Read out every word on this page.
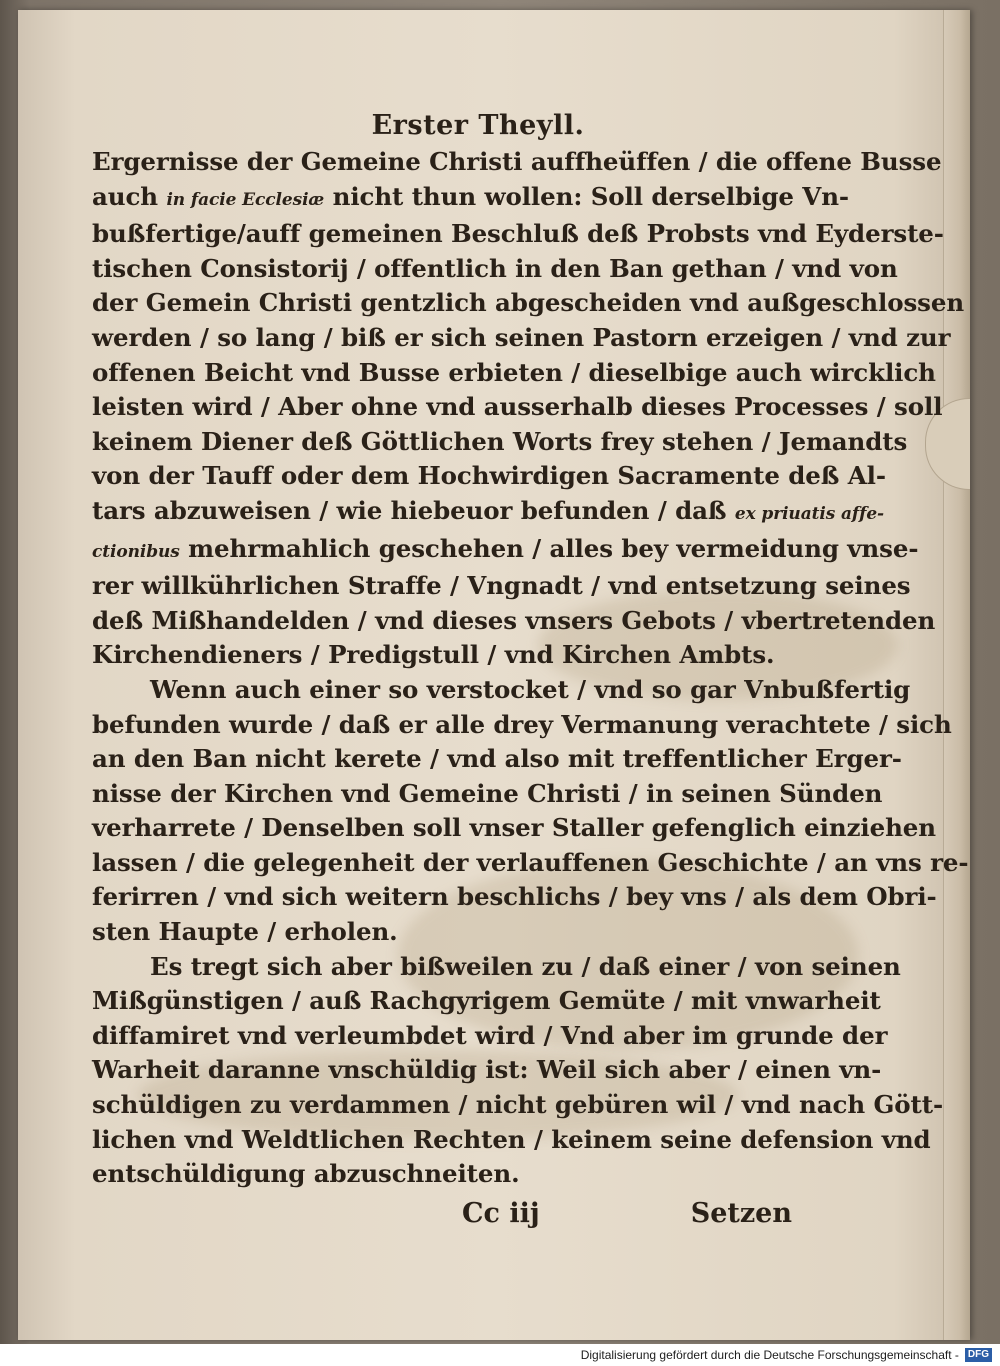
Erster Theyll.
Ergernisse der Gemeine Christi auffheüffen / die offene Busse
auch in facie Ecclesiæ nicht thun wollen: Soll derselbige Vn-
bußfertige/auff gemeinen Beschluß deß Probsts vnd Eyderste-
tischen Consistorij / offentlich in den Ban gethan / vnd von
der Gemein Christi gentzlich abgescheiden vnd außgeschlossen
werden / so lang / biß er sich seinen Pastorn erzeigen / vnd zur
offenen Beicht vnd Busse erbieten / dieselbige auch wircklich
leisten wird / Aber ohne vnd ausserhalb dieses Processes / soll
keinem Diener deß Göttlichen Worts frey stehen / Jemandts
von der Tauff oder dem Hochwirdigen Sacramente deß Al-
tars abzuweisen / wie hiebeuor befunden / daß ex priuatis affe-
ctionibus mehrmahlich geschehen / alles bey vermeidung vnse-
rer willkührlichen Straffe / Vngnadt / vnd entsetzung seines
deß Mißhandelden / vnd dieses vnsers Gebots / vbertretenden
Kirchendieners / Predigstull / vnd Kirchen Ambts.
Wenn auch einer so verstocket / vnd so gar Vnbußfertig
befunden wurde / daß er alle drey Vermanung verachtete / sich
an den Ban nicht kerete / vnd also mit treffentlicher Erger-
nisse der Kirchen vnd Gemeine Christi / in seinen Sünden
verharrete / Denselben soll vnser Staller gefenglich einziehen
lassen / die gelegenheit der verlauffenen Geschichte / an vns re-
ferirren / vnd sich weitern beschlichs / bey vns / als dem Obri-
sten Haupte / erholen.
Es tregt sich aber bißweilen zu / daß einer / von seinen
Mißgünstigen / auß Rachgyrigem Gemüte / mit vnwarheit
diffamiret vnd verleumbdet wird / Vnd aber im grunde der
Warheit daranne vnschüldig ist: Weil sich aber / einen vn-
schüldigen zu verdammen / nicht gebüren wil / vnd nach Gött-
lichen vnd Weldtlichen Rechten / keinem seine defension vnd
entschüldigung abzuschneiten.
Cc iij	Setzen
Digitalisierung gefördert durch die Deutsche Forschungsgemeinschaft - DFG
